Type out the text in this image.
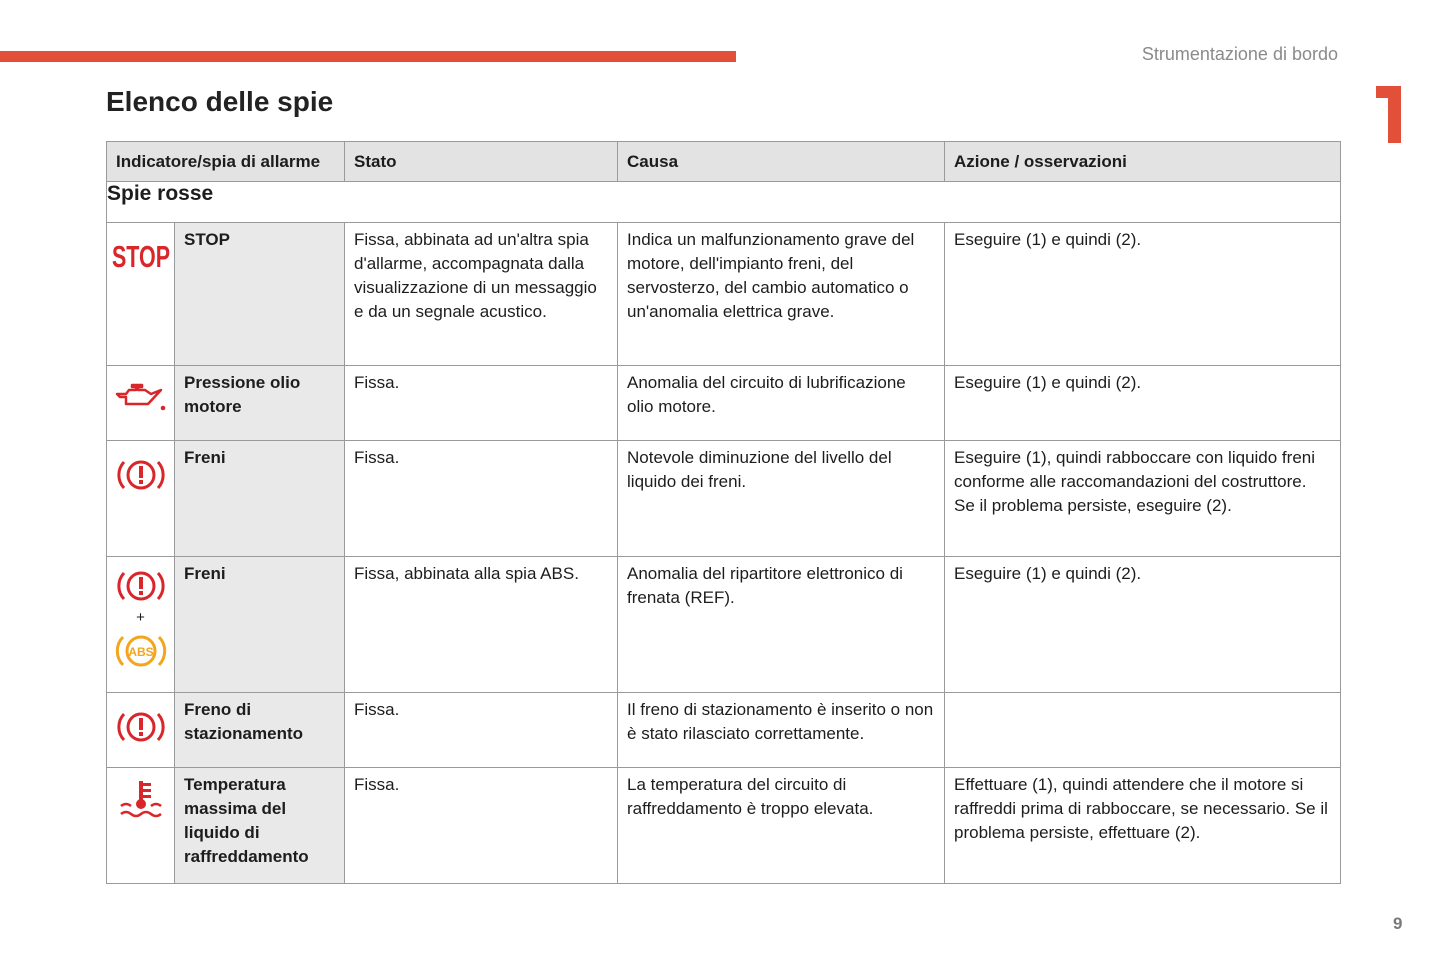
Strumentazione di bordo
Elenco delle spie
Indicatore/spia di allarme		Stato	Causa	Azione / osservazioni
Spie rosse				

STOP	STOP	Fissa, abbinata ad un'altra spia d'allarme, accompagnata dalla visualizzazione di un messaggio e da un segnale acustico.	Indica un malfunzionamento grave del motore, dell'impianto freni, del servosterzo, del cambio automatico o un'anomalia elettrica grave.	Eseguire (1) e quindi (2).

	Pressione olio motore	Fissa.	Anomalia del circuito di lubrificazione olio motore.	Eseguire (1) e quindi (2).

	Freni	Fissa.	Notevole diminuzione del livello del liquido dei freni.	Eseguire (1), quindi rabboccare con liquido freni conforme alle raccomandazioni del costruttore. Se il problema persiste, eseguire (2).

+
ABS	Freni	Fissa, abbinata alla spia ABS.	Anomalia del ripartitore elettronico di frenata (REF).	Eseguire (1) e quindi (2).

	Freno di stazionamento	Fissa.	Il freno di stazionamento è inserito o non è stato rilasciato correttamente.	

	Temperatura massima del liquido di raffreddamento	Fissa.	La temperatura del circuito di raffreddamento è troppo elevata.	Effettuare (1), quindi attendere che il motore si raffreddi prima di rabboccare, se necessario. Se il problema persiste, effettuare (2).
9
